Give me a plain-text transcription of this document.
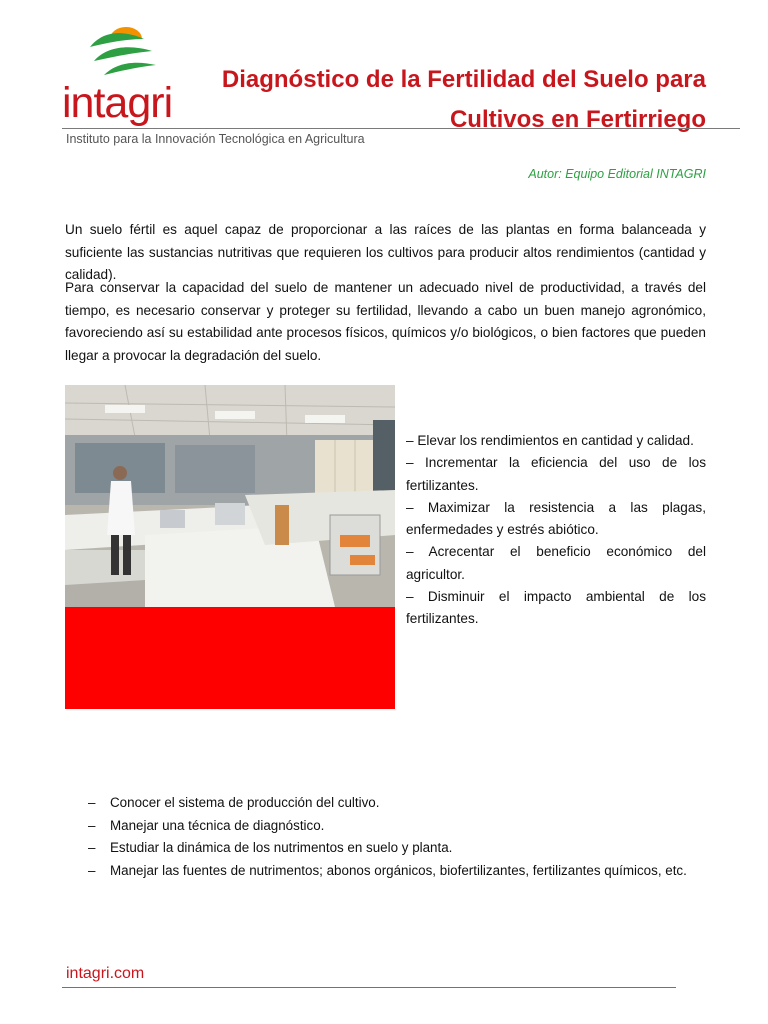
intagri Diagnóstico de la Fertilidad del Suelo para
Cultivos en Fertirriego
Instituto para la Innovación Tecnológica en Agricultura
Autor: Equipo Editorial INTAGRI

Un suelo fértil es aquel capaz de proporcionar a las raíces de las plantas en forma balanceada y suficiente las sustancias nutritivas que requieren los cultivos para producir altos rendimientos (cantidad y calidad).

Para conservar la capacidad del suelo de mantener un adecuado nivel de productividad, a través del tiempo, es necesario conservar y proteger su fertilidad, llevando a cabo un buen manejo agronómico, favoreciendo así su estabilidad ante procesos físicos, químicos y/o biológicos, o bien factores que pueden llegar a provocar la degradación del suelo.

– Elevar los rendimientos en cantidad y calidad.
– Incrementar la eficiencia del uso de los fertilizantes.
– Maximizar la resistencia a las plagas, enfermedades y estrés abiótico.
– Acrecentar el beneficio económico del agricultor.
– Disminuir el impacto ambiental de los fertilizantes.
– Conocer el sistema de producción del cultivo.
– Manejar una técnica de diagnóstico.
– Estudiar la dinámica de los nutrimentos en suelo y planta.
– Manejar las fuentes de nutrimentos; abonos orgánicos, biofertilizantes, fertilizantes químicos, etc.
intagri.com
